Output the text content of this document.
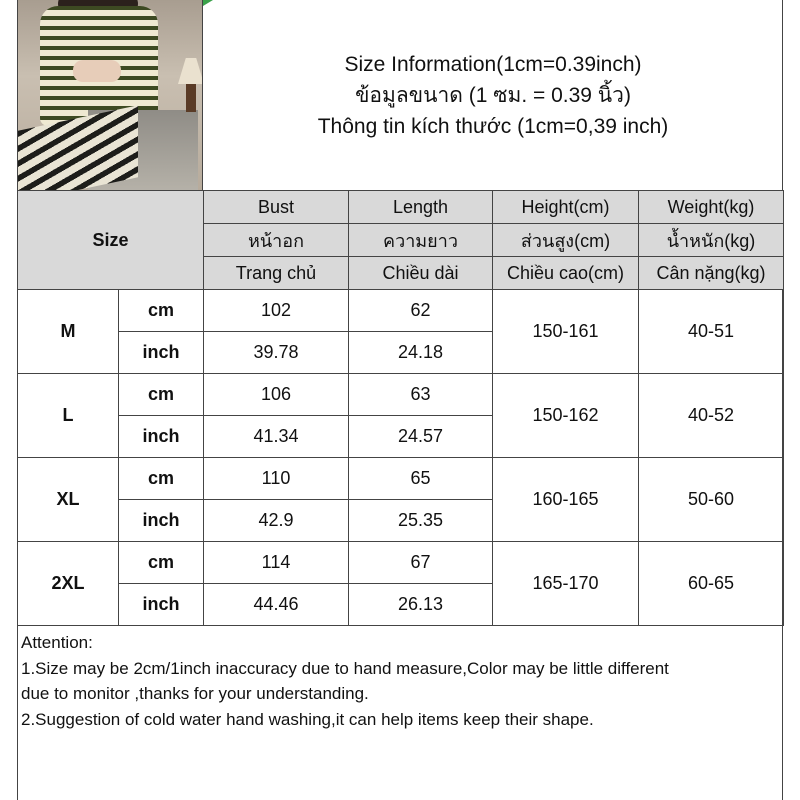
Size Information(1cm=0.39inch)
ข้อมูลขนาด (1 ซม. = 0.39 นิ้ว)
Thông tin kích thước (1cm=0,39 inch)
Size		Bust	Length	Height(cm)	Weight(kg)
		หน้าอก	ความยาว	ส่วนสูง(cm)	น้ำหนัก(kg)
		Trang chủ	Chiều dài	Chiều cao(cm)	Cân nặng(kg)
M	cm	102	62	150-161	40-51
	inch	39.78	24.18		
L	cm	106	63	150-162	40-52
	inch	41.34	24.57		
XL	cm	110	65	160-165	50-60
	inch	42.9	25.35		
2XL	cm	114	67	165-170	60-65
	inch	44.46	26.13		
Attention:
1.Size may be 2cm/1inch inaccuracy due to hand measure,Color may be little different
due to monitor ,thanks for your understanding.
2.Suggestion of cold water hand washing,it can help items keep their shape.
